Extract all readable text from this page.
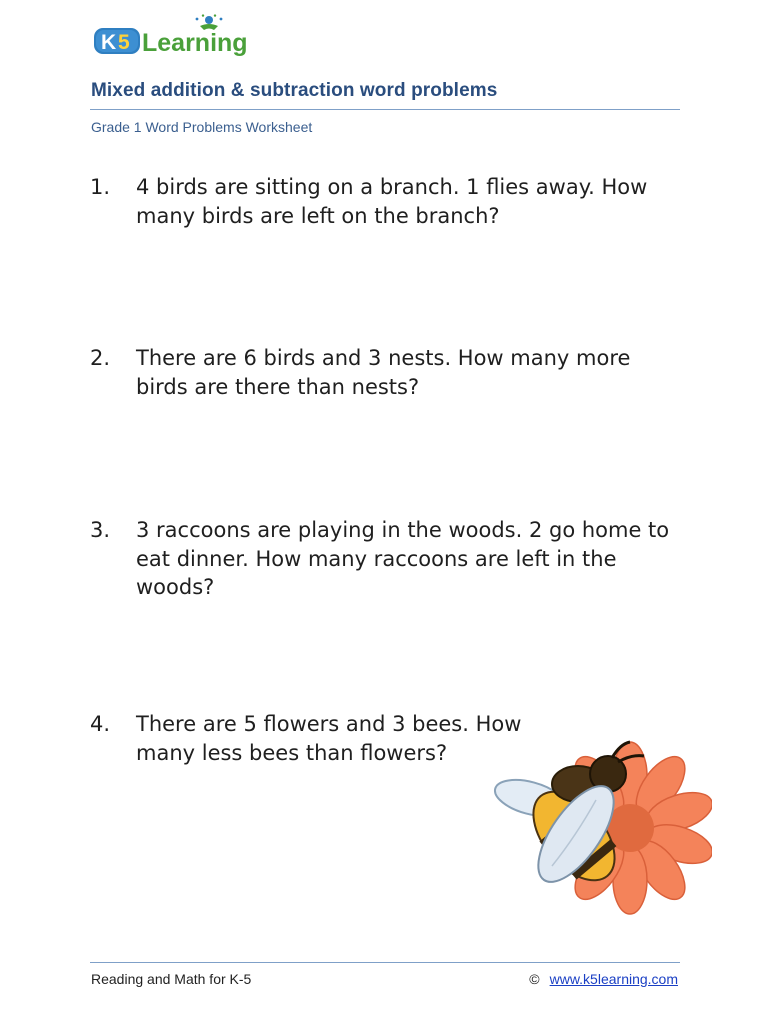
K 5 Learning
Mixed addition & subtraction word problems
Grade 1 Word Problems Worksheet
1.	4 birds are sitting on a branch. 1 flies away. How many birds are left on the branch?
2.	There are 6 birds and 3 nests. How many more birds are there than nests?
3.	3 raccoons are playing in the woods. 2 go home to eat dinner. How many raccoons are left in the woods?
4.	There are 5 flowers and 3 bees. How many less bees than flowers?
Reading and Math for K-5	© www.k5learning.com
